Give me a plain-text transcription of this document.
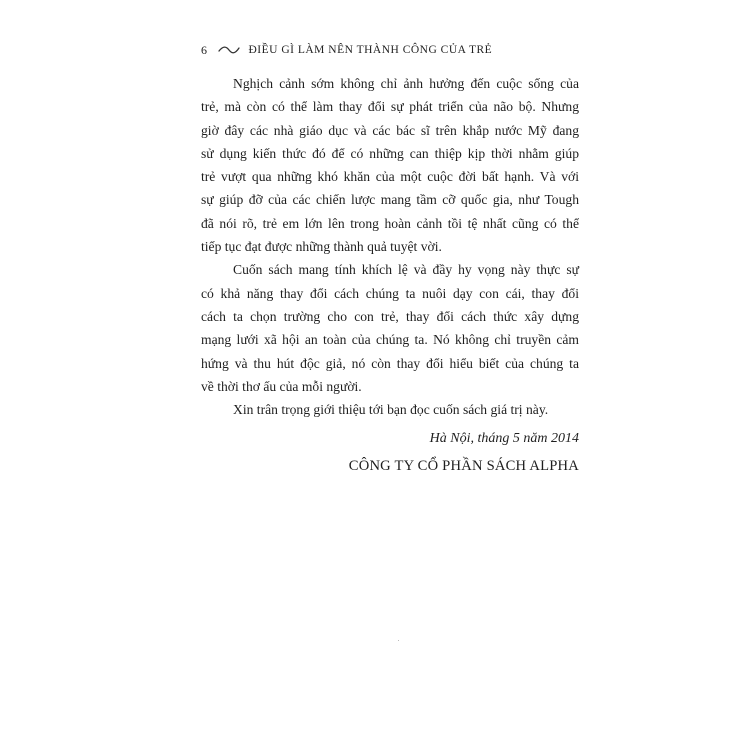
6	ĐIỀU GÌ LÀM NÊN THÀNH CÔNG CỦA TRẺ
Nghịch cảnh sớm không chỉ ảnh hưởng đến cuộc sống của
trẻ, mà còn có thể làm thay đổi sự phát triển của não bộ. Nhưng
giờ đây các nhà giáo dục và các bác sĩ trên khắp nước Mỹ đang
sử dụng kiến thức đó để có những can thiệp kịp thời nhằm giúp
trẻ vượt qua những khó khăn của một cuộc đời bất hạnh. Và với
sự giúp đỡ của các chiến lược mang tầm cỡ quốc gia, như Tough
đã nói rõ, trẻ em lớn lên trong hoàn cảnh tồi tệ nhất cũng có thể
tiếp tục đạt được những thành quả tuyệt vời.
Cuốn sách mang tính khích lệ và đầy hy vọng này thực sự
có khả năng thay đổi cách chúng ta nuôi dạy con cái, thay đổi
cách ta chọn trường cho con trẻ, thay đổi cách thức xây dựng
mạng lưới xã hội an toàn của chúng ta. Nó không chỉ truyền cảm
hứng và thu hút độc giả, nó còn thay đổi hiểu biết của chúng ta
về thời thơ ấu của mỗi người.
Xin trân trọng giới thiệu tới bạn đọc cuốn sách giá trị này.
Hà Nội, tháng 5 năm 2014
CÔNG TY CỔ PHẦN SÁCH ALPHA
